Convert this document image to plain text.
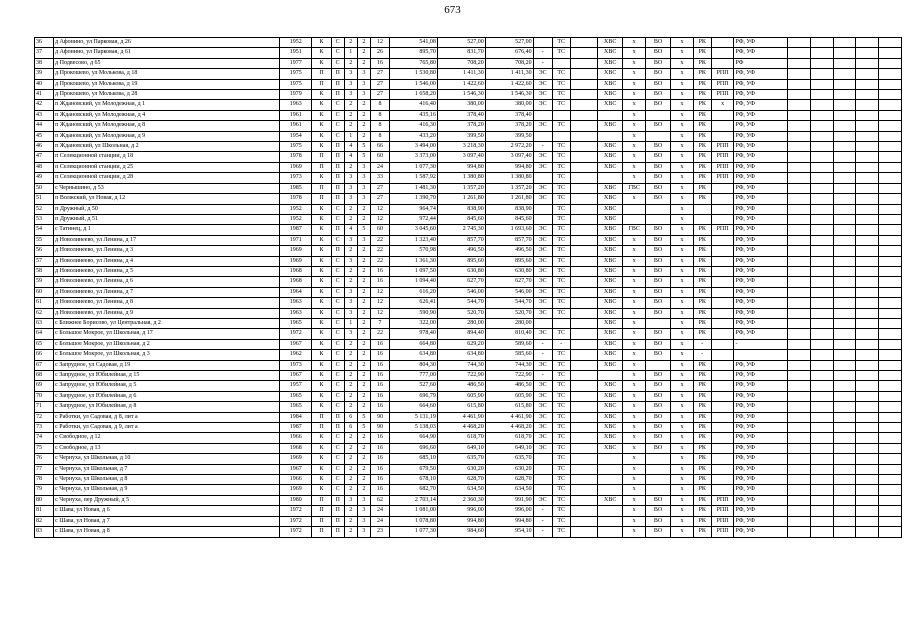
673
36	д Афонино, ул Парковая, д 26	1952	К	С	2	2	12	541,08	527,00	527,00		ТС		ХВС	х	ВО	х	РК		РФ, УФ					
37	д Афонино, ул Парковая, д 61	1951	К	С	1	2	26	895,70	831,70	676,40	-	ТС		ХВС	х	ВО	х	РК		РФ, УФ					
38	д Подвесово, д 65	1977	К	С	2	2	16	765,80	708,20	708,20	-			ХВС	х	ВО	х	РК		РФ					
39	д Прокошево, ул Молькова, д 18	1975	П	П	3	3	27	1 530,80	1 411,30	1 411,30	ЭС	ТС		ХВС	х	ВО	х	РК	РПП	РФ, УФ					
40	д Прокошево, ул Молькова, д 19	1975	П	П	3	3	27	1 546,00	1 422,60	1 422,60	ЭС	ТС		ХВС	х	ВО	х	РК	РПП	РФ, УФ					
41	д Прокошево, ул Молькова, д 28	1979	К	П	3	3	27	1 658,20	1 546,30	1 546,30	ЭС	ТС		ХВС	х	ВО	х	РК	РПП	РФ, УФ					
42	п Ждановский, ул Молодежная, д 1	1963	К	С	2	2	8	416,40	380,00	380,00	ЭС	ТС		ХВС	х	ВО	х	РК	х	РФ, УФ					
43	п Ждановский, ул Молодежная, д 4	1961	К	С	2	2	8	435,16	378,40	378,40					х		х	РК		РФ, УФ					
44	п Ждановский, ул Молодежная, д 8	1961	К	С	2	2	8	416,30	378,20	378,20	ЭС	ТС		ХВС	х	ВО	х	РК		РФ, УФ					
45	п Ждановский, ул Молодежная, д 9	1954	К	С	1	2	8	433,20	399,50	399,50					х		х	РК		РФ, УФ					
46	п Ждановский, ул Школьная, д 2	1975	К	П	4	5	66	3 494,00	3 218,30	2 972,20	-	ТС		ХВС	х	ВО	х	РК	РПП	РФ, УФ					
47	п Селекционной станции, д 18	1978	П	П	4	5	60	3 373,00	3 097,40	3 097,40	ЭС	ТС		ХВС	х	ВО	х	РК	РПП	РФ, УФ					
48	п Селекционной станции, д 25	1969	П	П	2	3	24	1 077,30	994,80	994,80	ЭС	ТС		ХВС	х	ВО	х	РК	РПП	РФ, УФ					
49	п Селекционной станции, д 28	1973	К	П	3	3	33	1 587,92	1 380,80	1 380,80		ТС			х	ВО	х	РК	РПП	РФ, УФ					
50	с Чернышино, д 53	1985	П	П	3	3	27	1 481,30	1 357,20	1 357,20	ЭС	ТС		ХВС	ГВС	ВО	х	РК		РФ, УФ					
51	п Волжский, ул Новая, д 12	1978	П	П	3	3	27	1 390,70	1 261,80	1 261,80	ЭС	ТС		ХВС	х	ВО	х	РК		РФ, УФ					
52	п Дружный, д 50	1952	К	С	2	2	12	964,74	838,90	838,90		ТС		ХВС			х			РФ, УФ					
53	п Дружный, д 51	1952	К	С	2	2	12	972,44	845,60	845,60		ТС		ХВС			х			РФ, УФ					
54	с Татинец, д 1	1987	К	П	4	5	60	3 045,60	2 745,30	1 693,60	ЭС	ТС		ХВС	ГВС	ВО	х	РК	РПП	РФ, УФ					
55	д Новолинеево, ул Ленина, д 17	1971	К	С	3	3	22	1 323,40	857,70	857,70	ЭС	ТС		ХВС	х	ВО	х	РК		РФ, УФ					
56	д Новолинеево, ул Ленина, д 3	1969	К	П	2	2	22	570,98	496,50	496,50	ЭС	ТС		ХВС	х	ВО	х	РК		РФ, УФ					
57	д Новолинеево, ул Ленина, д 4	1969	К	С	3	2	22	1 361,30	895,60	895,60	ЭС	ТС		ХВС	х	ВО	х	РК		РФ, УФ					
58	д Новолинеево, ул Ленина, д 5	1968	К	С	2	2	16	1 097,50	630,80	630,80	ЭС	ТС		ХВС	х	ВО	х	РК		РФ, УФ					
59	д Новолинеево, ул Ленина, д 6	1968	К	С	2	2	16	1 094,40	627,70	627,70	ЭС	ТС		ХВС	х	ВО	х	РК		РФ, УФ					
60	д Новолинеево, ул Ленина, д 7	1964	К	С	3	2	12	616,20	546,00	546,00	ЭС	ТС		ХВС	х	ВО	х	РК		РФ, УФ					
61	д Новолинеево, ул Ленина, д 8	1963	К	С	3	2	12	626,41	544,70	544,70	ЭС	ТС		ХВС	х	ВО	х	РК		РФ, УФ					
62	д Новолинеево, ул Ленина, д 9	1963	К	С	3	2	12	590,90	520,70	520,70	ЭС	ТС		ХВС	х	ВО	х	РК		РФ, УФ					
63	с Ближнее Борисово, ул Центральная, д 2	1965	К	С	1	2	7	322,00	280,00	280,00				ХВС	х		х	РК		РФ, УФ					
64	с Большое Мокрое, ул Школьная, д 17	1972	К	С	3	2	22	978,40	894,40	810,40	ЭС	ТС		ХВС	х	ВО	х	РК		РФ, УФ					
65	с Большое Мокрое, ул Школьная, д 2	1967	К	С	2	2	16	664,80	629,20	589,60	-	-		ХВС	х	ВО	х	-		-					
66	с Большое Мокрое, ул Школьная, д 3	1962	К	С	2	2	16	634,80	634,80	585,60	-	ТС		ХВС	х	ВО	х	-							
67	с Запрудное, ул Садовая, д 19	1973	К	С	2	2	16	804,30	744,30	744,30	ЭС	ТС		ХВС	х		х	РК		РФ, УФ					
68	с Запрудное, ул Юбилейная, д 15	1967	К	С	2	2	16	777,00	722,90	722,90	-	ТС			х	ВО	х	РК		РФ, УФ					
69	с Запрудное, ул Юбилейная, д 5	1957	К	С	2	2	16	527,60	486,50	486,50	ЭС	ТС		ХВС	х	ВО	х	РК		РФ, УФ					
70	с Запрудное, ул Юбилейная, д 6	1965	К	С	2	2	16	696,79	605,90	605,90	ЭС	ТС		ХВС	х	ВО	х	РК		РФ, УФ					
71	с Запрудное, ул Юбилейная, д 8	1965	К	С	2	2	16	664,60	615,80	615,80	ЭС	ТС		ХВС	х	ВО	х	РК		РФ, УФ					
72	с Работки, ул Садовая, д 8, лит а	1984	П	П	6	5	90	5 131,19	4 461,90	4 461,90	ЭС	ТС		ХВС	х	ВО	х	РК		РФ, УФ					
73	с Работки, ул Садовая, д 9, лит а	1987	П	П	6	5	90	5 138,03	4 468,20	4 468,20	ЭС	ТС		ХВС	х	ВО	х	РК		РФ, УФ					
74	с Свободное, д 12	1966	К	С	2	2	16	664,90	618,70	618,70	ЭС	ТС		ХВС	х	ВО	х	РК		РФ, УФ					
75	с Свободное, д 13	1968	К	С	2	2	16	696,60	649,10	649,10	ЭС	ТС		ХВС	х	ВО	х	РК		РФ, УФ					
76	с Чернуха, ул Школьная, д 10	1969	К	С	2	2	16	685,10	635,70	635,70		ТС			х		х	РК		РФ, УФ					
77	с Чернуха, ул Школьная, д 7	1967	К	С	2	2	16	679,50	630,20	630,20		ТС			х		х	РК		РФ, УФ					
78	с Чернуха, ул Школьная, д 8	1966	К	С	2	2	16	678,10	628,70	628,70		ТС			х		х	РК		РФ, УФ					
79	с Чернуха, ул Школьная, д 9	1969	К	С	2	2	16	682,70	634,50	634,50		ТС			х		х	РК		РФ, УФ					
80	с Чернуха, пер Дружный, д 5	1980	П	П	3	3	62	2 703,14	2 360,30	991,90	ЭС	ТС		ХВС	х	ВО	х	РК	РПП	РФ, УФ					
81	с Шава, ул Новая, д 6	1972	П	П	2	3	24	1 081,00	996,00	996,00	-	ТС			х	ВО	х	РК	РПП	РФ, УФ					
82	с Шава, ул Новая, д 7	1972	П	П	2	3	24	1 078,80	994,80	994,80	-	ТС			х	ВО	х	РК	РПП	РФ, УФ					
83	с Шава, ул Новая, д 8	1972	П	П	2	3	23	1 077,30	984,60	954,10	-	ТС			х	ВО	х	РК	РПП	РФ, УФ					
